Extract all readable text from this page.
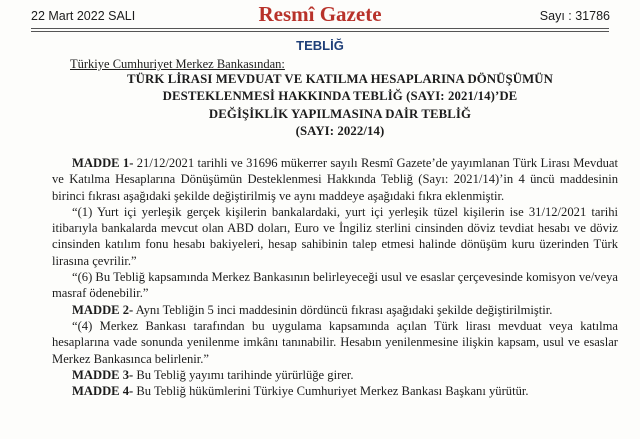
22 Mart 2022 SALI	Resmî Gazete	Sayı : 31786
TEBLİĞ
Türkiye Cumhuriyet Merkez Bankasından:
TÜRK LİRASI MEVDUAT VE KATILMA HESAPLARINA DÖNÜŞÜMÜN
DESTEKLENMESİ HAKKINDA TEBLİĞ (SAYI: 2021/14)’DE
DEĞİŞİKLİK YAPILMASINA DAİR TEBLİĞ
(SAYI: 2022/14)

MADDE 1- 21/12/2021 tarihli ve 31696 mükerrer sayılı Resmî Gazete’de yayımlanan Türk Lirası Mevduat ve Katılma Hesaplarına Dönüşümün Desteklenmesi Hakkında Tebliğ (Sayı: 2021/14)’in 4 üncü maddesinin birinci fıkrası aşağıdaki şekilde değiştirilmiş ve aynı maddeye aşağıdaki fıkra eklenmiştir.

“(1) Yurt içi yerleşik gerçek kişilerin bankalardaki, yurt içi yerleşik tüzel kişilerin ise 31/12/2021 tarihi itibarıyla bankalarda mevcut olan ABD doları, Euro ve İngiliz sterlini cinsinden döviz tevdiat hesabı ve döviz cinsinden katılım fonu hesabı bakiyeleri, hesap sahibinin talep etmesi halinde dönüşüm kuru üzerinden Türk lirasına çevrilir.”

“(6) Bu Tebliğ kapsamında Merkez Bankasının belirleyeceği usul ve esaslar çerçevesinde komisyon ve/veya masraf ödenebilir.”

MADDE 2- Aynı Tebliğin 5 inci maddesinin dördüncü fıkrası aşağıdaki şekilde değiştirilmiştir.

“(4) Merkez Bankası tarafından bu uygulama kapsamında açılan Türk lirası mevduat veya katılma hesaplarına vade sonunda yenilenme imkânı tanınabilir. Hesabın yenilenmesine ilişkin kapsam, usul ve esaslar Merkez Bankasınca belirlenir.”

MADDE 3- Bu Tebliğ yayımı tarihinde yürürlüğe girer.

MADDE 4- Bu Tebliğ hükümlerini Türkiye Cumhuriyet Merkez Bankası Başkanı yürütür.
